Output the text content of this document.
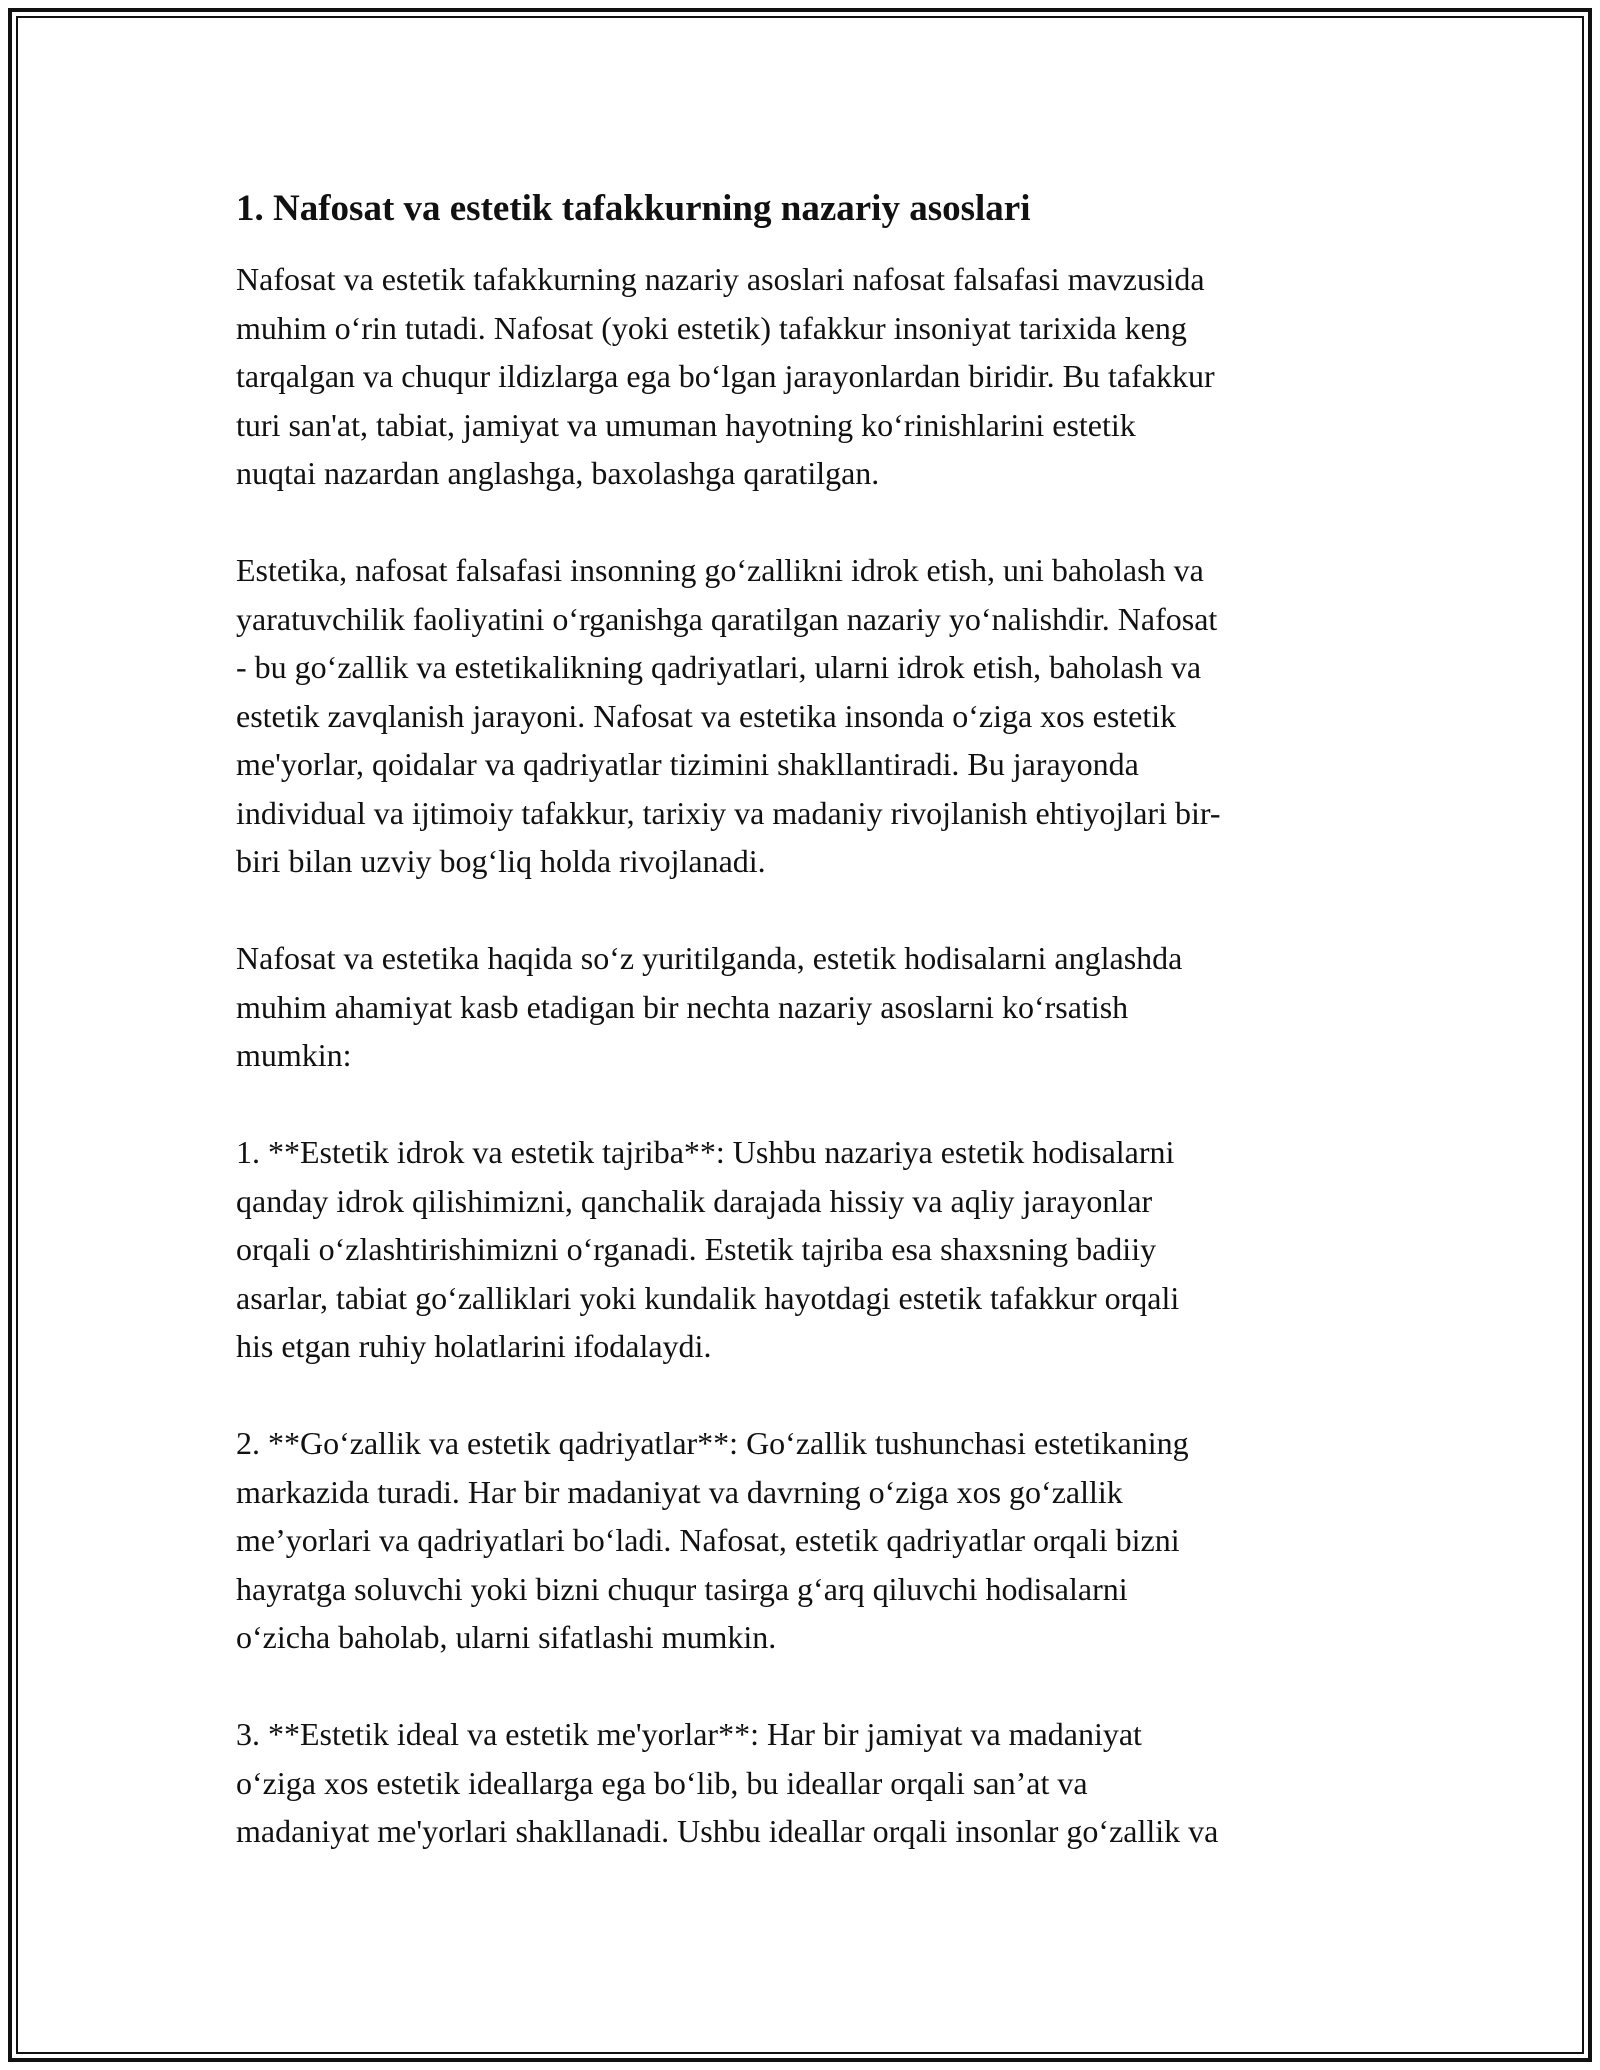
1. Nafosat va estetik tafakkurning nazariy asoslari
Nafosat va estetik tafakkurning nazariy asoslari nafosat falsafasi mavzusida
muhim o‘rin tutadi. Nafosat (yoki estetik) tafakkur insoniyat tarixida keng
tarqalgan va chuqur ildizlarga ega bo‘lgan jarayonlardan biridir. Bu tafakkur
turi san'at, tabiat, jamiyat va umuman hayotning ko‘rinishlarini estetik
nuqtai nazardan anglashga, baxolashga qaratilgan.
Estetika, nafosat falsafasi insonning go‘zallikni idrok etish, uni baholash va
yaratuvchilik faoliyatini o‘rganishga qaratilgan nazariy yo‘nalishdir. Nafosat
- bu go‘zallik va estetikalikning qadriyatlari, ularni idrok etish, baholash va
estetik zavqlanish jarayoni. Nafosat va estetika insonda o‘ziga xos estetik
me'yorlar, qoidalar va qadriyatlar tizimini shakllantiradi. Bu jarayonda
individual va ijtimoiy tafakkur, tarixiy va madaniy rivojlanish ehtiyojlari bir-
biri bilan uzviy bog‘liq holda rivojlanadi.
Nafosat va estetika haqida so‘z yuritilganda, estetik hodisalarni anglashda
muhim ahamiyat kasb etadigan bir nechta nazariy asoslarni ko‘rsatish
mumkin:
1. **Estetik idrok va estetik tajriba**: Ushbu nazariya estetik hodisalarni
qanday idrok qilishimizni, qanchalik darajada hissiy va aqliy jarayonlar
orqali o‘zlashtirishimizni o‘rganadi. Estetik tajriba esa shaxsning badiiy
asarlar, tabiat go‘zalliklari yoki kundalik hayotdagi estetik tafakkur orqali
his etgan ruhiy holatlarini ifodalaydi.
2. **Go‘zallik va estetik qadriyatlar**: Go‘zallik tushunchasi estetikaning
markazida turadi. Har bir madaniyat va davrning o‘ziga xos go‘zallik
me’yorlari va qadriyatlari bo‘ladi. Nafosat, estetik qadriyatlar orqali bizni
hayratga soluvchi yoki bizni chuqur tasirga g‘arq qiluvchi hodisalarni
o‘zicha baholab, ularni sifatlashi mumkin.
3. **Estetik ideal va estetik me'yorlar**: Har bir jamiyat va madaniyat
o‘ziga xos estetik ideallarga ega bo‘lib, bu ideallar orqali san’at va
madaniyat me'yorlari shakllanadi. Ushbu ideallar orqali insonlar go‘zallik va
